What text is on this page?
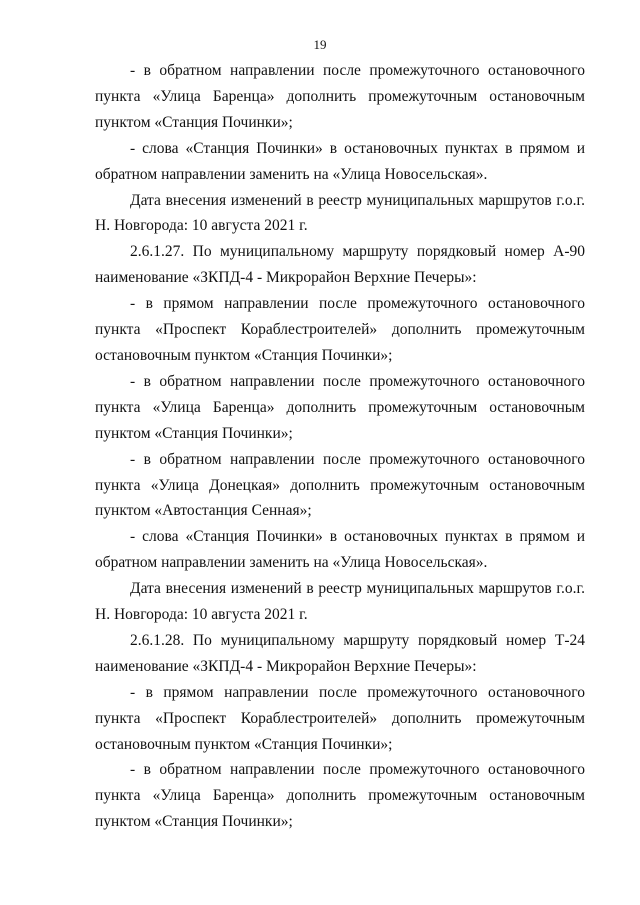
19

- в обратном направлении после промежуточного остановочного пункта «Улица Баренца» дополнить промежуточным остановочным пунктом «Станция Починки»;

- слова «Станция Починки» в остановочных пунктах в прямом и обратном направлении заменить на «Улица Новосельская».

Дата внесения изменений в реестр муниципальных маршрутов г.о.г. Н. Новгорода: 10 августа 2021 г.

2.6.1.27. По муниципальному маршруту порядковый номер А-90 наименование «ЗКПД-4 - Микрорайон Верхние Печеры»:

- в прямом направлении после промежуточного остановочного пункта «Проспект Кораблестроителей» дополнить промежуточным остановочным пунктом «Станция Починки»;

- в обратном направлении после промежуточного остановочного пункта «Улица Баренца» дополнить промежуточным остановочным пунктом «Станция Починки»;

- в обратном направлении после промежуточного остановочного пункта «Улица Донецкая» дополнить промежуточным остановочным пунктом «Автостанция Сенная»;

- слова «Станция Починки» в остановочных пунктах в прямом и обратном направлении заменить на «Улица Новосельская».

Дата внесения изменений в реестр муниципальных маршрутов г.о.г. Н. Новгорода: 10 августа 2021 г.

2.6.1.28. По муниципальному маршруту порядковый номер Т-24 наименование «ЗКПД-4 - Микрорайон Верхние Печеры»:

- в прямом направлении после промежуточного остановочного пункта «Проспект Кораблестроителей» дополнить промежуточным остановочным пунктом «Станция Починки»;

- в обратном направлении после промежуточного остановочного пункта «Улица Баренца» дополнить промежуточным остановочным пунктом «Станция Починки»;
